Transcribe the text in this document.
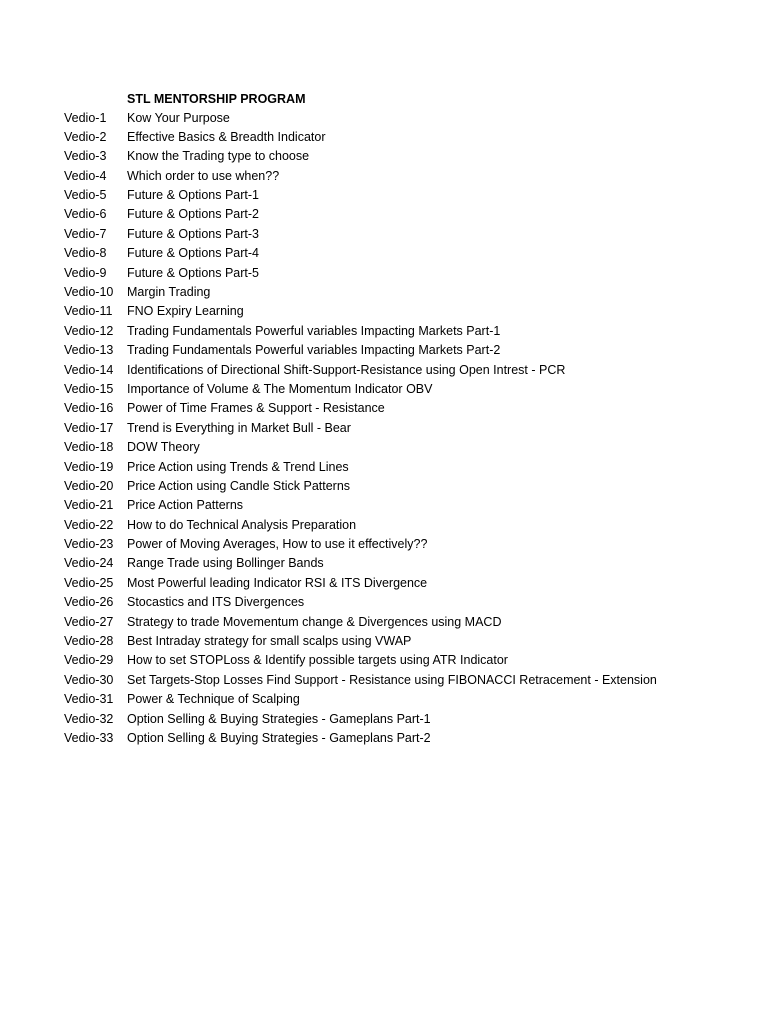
STL MENTORSHIP PROGRAM
Vedio-1 Kow Your Purpose
Vedio-2 Effective Basics & Breadth Indicator
Vedio-3 Know the Trading type to choose
Vedio-4 Which order to use when??
Vedio-5 Future & Options Part-1
Vedio-6 Future & Options Part-2
Vedio-7 Future & Options Part-3
Vedio-8 Future & Options Part-4
Vedio-9 Future & Options Part-5
Vedio-10 Margin Trading
Vedio-11 FNO Expiry Learning
Vedio-12 Trading Fundamentals Powerful variables Impacting Markets Part-1
Vedio-13 Trading Fundamentals Powerful variables Impacting Markets Part-2
Vedio-14 Identifications of Directional Shift-Support-Resistance using Open Intrest - PCR
Vedio-15 Importance of Volume & The Momentum Indicator OBV
Vedio-16 Power of Time Frames & Support - Resistance
Vedio-17 Trend is Everything in Market Bull - Bear
Vedio-18 DOW Theory
Vedio-19 Price Action using Trends & Trend Lines
Vedio-20 Price Action using Candle Stick Patterns
Vedio-21 Price Action Patterns
Vedio-22 How to do Technical Analysis Preparation
Vedio-23 Power of Moving Averages, How to use it effectively??
Vedio-24 Range Trade using Bollinger Bands
Vedio-25 Most Powerful leading Indicator RSI & ITS Divergence
Vedio-26 Stocastics and ITS Divergences
Vedio-27 Strategy to trade Movementum change & Divergences using MACD
Vedio-28 Best Intraday strategy for small scalps using VWAP
Vedio-29 How to set STOPLoss & Identify possible targets using ATR Indicator
Vedio-30 Set Targets-Stop Losses Find Support - Resistance using FIBONACCI Retracement - Extension
Vedio-31 Power & Technique of Scalping
Vedio-32 Option Selling & Buying Strategies - Gameplans Part-1
Vedio-33 Option Selling & Buying Strategies - Gameplans Part-2
